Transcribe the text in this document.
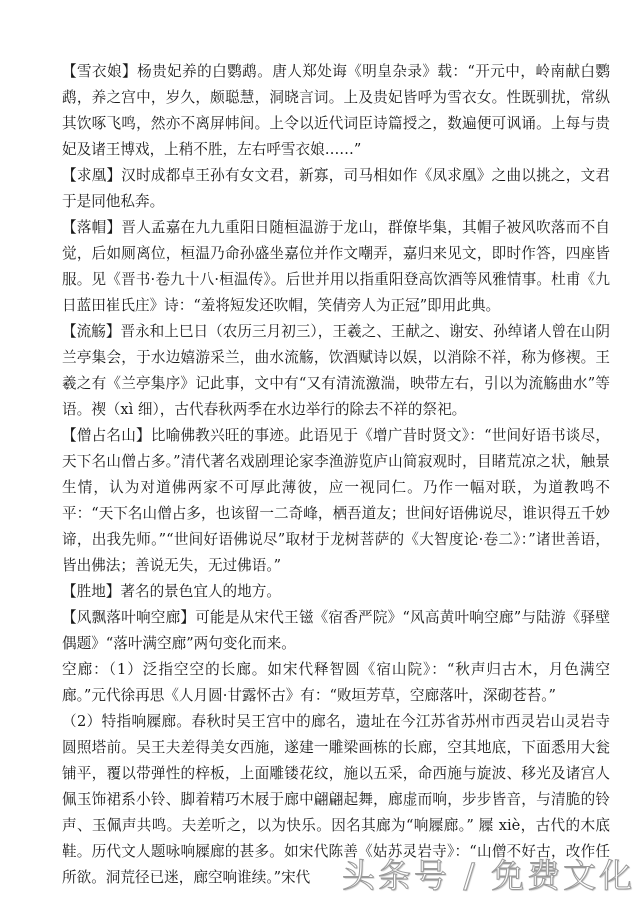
【雪衣娘】杨贵妃养的白鹦鹉。唐人郑处诲《明皇杂录》载：“开元中，岭南献白鹦鹉，养之宫中，岁久，颇聪慧，洞晓言词。上及贵妃皆呼为雪衣女。性既驯扰，常纵其饮啄飞鸣，然亦不离屏帏间。上令以近代词臣诗篇授之，数遍便可讽诵。上每与贵妃及诸王博戏，上稍不胜，左右呼雪衣娘……”

【求凰】汉时成都卓王孙有女文君，新寡，司马相如作《凤求凰》之曲以挑之，文君于是同他私奔。

【落帽】晋人孟嘉在九九重阳日随桓温游于龙山，群僚毕集，其帽子被风吹落而不自觉，后如厕离位，桓温乃命孙盛坐嘉位并作文嘲弄，嘉归来见文，即时作答，四座皆服。见《晋书·卷九十八·桓温传》。后世并用以指重阳登高饮酒等风雅情事。杜甫《九日蓝田崔氏庄》诗：“羞将短发还吹帽，笑倩旁人为正冠”即用此典。

【流觞】晋永和上巳日（农历三月初三），王羲之、王献之、谢安、孙绰诸人曾在山阴兰亭集会，于水边嬉游采兰，曲水流觞，饮酒赋诗以娱，以消除不祥，称为修禊。王羲之有《兰亭集序》记此事，文中有“又有清流激湍，映带左右，引以为流觞曲水”等语。禊（xì 细），古代春秋两季在水边举行的除去不祥的祭祀。

【僧占名山】比喻佛教兴旺的事迹。此语见于《增广昔时贤文》：“世间好语书谈尽，天下名山僧占多。”清代著名戏剧理论家李渔游览庐山简寂观时，目睹荒凉之状，触景生情，认为对道佛两家不可厚此薄彼，应一视同仁。乃作一幅对联，为道教鸣不平：“天下名山僧占多，也该留一二奇峰，栖吾道友；世间好语佛说尽，谁识得五千妙谛，出我先师。”“世间好语佛说尽”取材于龙树菩萨的《大智度论·卷二》：”诸世善语，皆出佛法；善说无失，无过佛语。”

【胜地】著名的景色宜人的地方。

【风飘落叶响空廊】可能是从宋代王镃《宿香严院》“风高黄叶响空廊”与陆游《驿壁偶题》“落叶满空廊”两句变化而来。

空廊：（1）泛指空空的长廊。如宋代释智圆《宿山院》：“秋声归古木，月色满空廊。”元代徐再思《人月圆·甘露怀古》有：“败垣芳草，空廊落叶，深砌苍苔。”

（2）特指响屧廊。春秋时吴王宫中的廊名，遗址在今江苏省苏州市西灵岩山灵岩寺圆照塔前。吴王夫差得美女西施，遂建一雕梁画栋的长廊，空其地底，下面悉用大瓮铺平，覆以带弹性的梓板，上面雕镂花纹，施以五采，命西施与旋波、移光及诸宫人佩玉饰裙系小铃、脚着精巧木屐于廊中翩翩起舞，廊虚而响，步步皆音，与清脆的铃声、玉佩声共鸣。夫差听之，以为快乐。因名其廊为“响屧廊。” 屧 xiè，古代的木底鞋。历代文人题咏响屧廊的甚多。如宋代陈善《姑苏灵岩寺》：“山僧不好古，改作任所欲。洞荒径已迷，廊空响谁续。”宋代 头条号 / 免费文化
